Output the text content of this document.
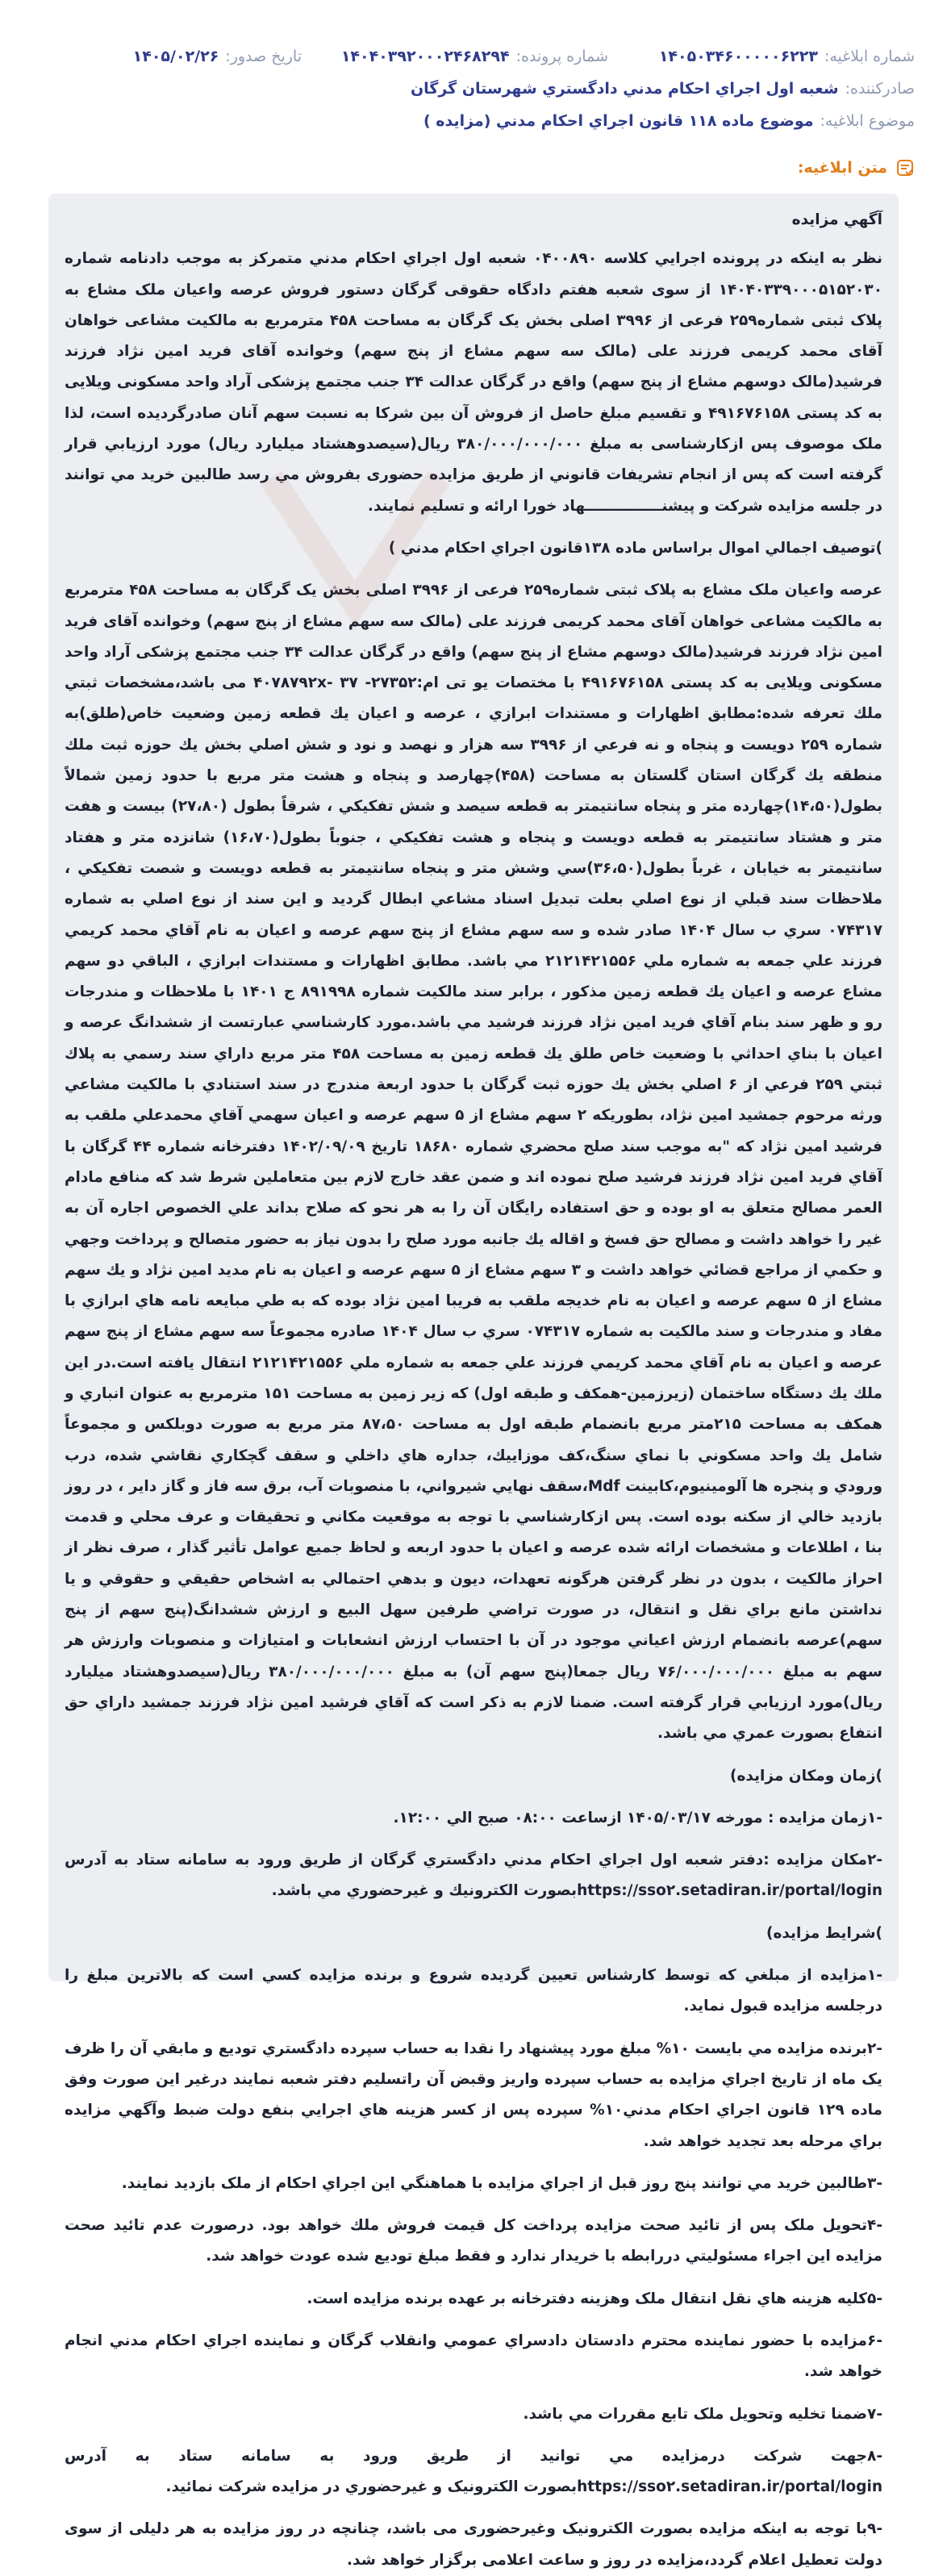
شماره ابلاغيه:
۱۴۰۵۰۳۴۶۰۰۰۰۰۶۲۲۳
شماره پرونده:
۱۴۰۴۰۳۹۲۰۰۰۲۴۶۸۲۹۴
تاريخ صدور:
۱۴۰۵/۰۲/۲۶
صادرکننده:
شعبه اول اجراي احكام مدني دادگستري شهرستان گرگان
موضوع ابلاغيه:
موضوع ماده ۱۱۸ قانون اجراي احكام مدني (مزايده )
متن ابلاغيه:

آگهي مزايده

نظر به اينكه در پرونده اجرايي كلاسه ۰۴۰۰۸۹۰ شعبه اول اجراي احكام مدني متمركز به موجب دادنامه شماره ۱۴۰۴۰۳۳۹۰۰۰۵۱۵۲۰۳۰ از سوی شعبه هفتم دادگاه حقوقی گرگان دستور فروش عرصه واعیان ملک مشاع به پلاک ثبتی شماره۲۵۹ فرعی از ۳۹۹۶ اصلی بخش یک گرگان به مساحت ۴۵۸ مترمربع به مالکیت مشاعی خواهان آقای محمد کریمی فرزند علی (مالک سه سهم مشاع از پنج سهم) وخوانده آقای فرید امین نژاد فرزند فرشید(مالک دوسهم مشاع از پنج سهم) واقع در گرگان عدالت ۳۴ جنب مجتمع پزشکی آراد واحد مسکونی ويلايی به کد پستی ۴۹۱۶۷۶۱۵۸ و تقسیم مبلغ حاصل از فروش آن بین شرکا به نسبت سهم آنان صادرگردیده است، لذا ملک موصوف پس ازکارشناسی به مبلغ ۳۸۰/۰۰۰/۰۰۰/۰۰۰ ريال(سیصدوهشتاد میلیارد ريال) مورد ارزيابي قرار گرفته است كه پس از انجام تشريفات قانوني از طريق مزايده حضوری بفروش مي رسد طالبين خريد مي توانند در جلسه مزايده شركت و پيشنـــــــــــــــهاد خورا ارائه و تسليم نمايند.

)توصيف اجمالي اموال براساس ماده ۱۳۸قانون اجراي احكام مدني )

عرصه واعیان ملک مشاع به پلاک ثبتی شماره۲۵۹ فرعی از ۳۹۹۶ اصلی بخش یک گرگان به مساحت ۴۵۸ مترمربع به مالکیت مشاعی خواهان آقای محمد کریمی فرزند علی (مالک سه سهم مشاع از پنج سهم) وخوانده آقای فرید امین نژاد فرزند فرشید(مالک دوسهم مشاع از پنج سهم) واقع در گرگان عدالت ۳۴ جنب مجتمع پزشکی آراد واحد مسکونی ويلايی به کد پستی ۴۹۱۶۷۶۱۵۸ با مختصات یو تی ام:۲۷۳۵۲- ۴۰۷۸۷۹۲x- ۳۷ می باشد،مشخصات ثبتي ملك تعرفه شده:مطابق اظهارات و مستندات ابرازي ، عرصه و اعيان يك قطعه زمين وضعيت خاص(طلق)به شماره ۲۵۹ دويست و پنجاه و نه فرعي از ۳۹۹۶ سه هزار و نهصد و نود و شش اصلي بخش يك حوزه ثبت ملك منطقه يك گرگان استان گلستان به مساحت (۴۵۸)چهارصد و پنجاه و هشت متر مربع با حدود زمين شمالاً بطول(۱۴،۵۰)چهارده متر و پنجاه سانتيمتر به قطعه سيصد و شش تفكيكي ، شرقاً بطول (۲۷،۸۰) بيست و هفت متر و هشتاد سانتيمتر به قطعه دويست و پنجاه و هشت تفكيكي ، جنوباً بطول(۱۶،۷۰) شانزده متر و هفتاد سانتيمتر به خيابان ، غرباً بطول(۳۶،۵۰)سي وشش متر و پنجاه سانتيمتر به قطعه دويست و شصت تفكيكي ، ملاحظات سند قبلي از نوع اصلي بعلت تبديل اسناد مشاعي ابطال گرديد و اين سند از نوع اصلي به شماره ۰۷۴۳۱۷ سري ب سال ۱۴۰۴ صادر شده و سه سهم مشاع از پنج سهم عرصه و اعيان به نام آقاي محمد كريمي فرزند علي جمعه به شماره ملي ۲۱۲۱۴۲۱۵۵۶ مي باشد. مطابق اظهارات و مستندات ابرازي ، الباقي دو سهم مشاع عرصه و اعيان يك قطعه زمين مذكور ، برابر سند مالكيت شماره ۸۹۱۹۹۸ ج ۱۴۰۱ با ملاحظات و مندرجات رو و ظهر سند بنام آقاي فريد امين نژاد فرزند فرشيد مي باشد.مورد كارشناسي عبارتست از ششدانگ عرصه و اعيان با بناي احداثي با وضعيت خاص طلق يك قطعه زمين به مساحت ۴۵۸ متر مربع داراي سند رسمي به پلاك ثبتي ۲۵۹ فرعي از ۶ اصلي بخش يك حوزه ثبت گرگان با حدود اربعة مندرج در سند استنادي با مالكيت مشاعي ورثه مرحوم جمشيد امين نژاد، بطوريكه ۲ سهم مشاع از ۵ سهم عرصه و اعيان سهمي آقاي محمدعلي ملقب به فرشيد امين نژاد كه "به موجب سند صلح محضري شماره ۱۸۶۸۰ تاريخ ۱۴۰۲/۰۹/۰۹ دفترخانه شماره ۴۴ گرگان با آقاي فريد امين نژاد فرزند فرشيد صلح نموده اند و ضمن عقد خارج لازم بين متعاملين شرط شد كه منافع مادام العمر مصالح متعلق به او بوده و حق استفاده رايگان آن را به هر نحو كه صلاح بداند علي الخصوص اجاره آن به غير را خواهد داشت و مصالح حق فسخ و اقاله يك جانبه مورد صلح را بدون نياز به حضور متصالح و پرداخت وجهي و حكمي از مراجع قضائي خواهد داشت و ۳ سهم مشاع از ۵ سهم عرصه و اعيان به نام مديد امين نژاد و يك سهم مشاع از ۵ سهم عرصه و اعيان به نام خديجه ملقب به فريبا امين نژاد بوده كه به طي مبايعه نامه هاي ابرازي با مفاد و مندرجات و سند مالكيت به شماره ۰۷۴۳۱۷ سري ب سال ۱۴۰۴ صادره مجموعاً سه سهم مشاع از پنج سهم عرصه و اعيان به نام آقاي محمد كريمي فرزند علي جمعه به شماره ملي ۲۱۲۱۴۲۱۵۵۶ انتقال يافته است.در اين ملك يك دستگاه ساختمان (زيرزمين-همكف و طبقه اول) كه زير زمين به مساحت ۱۵۱ مترمربع به عنوان انباري و همكف به مساحت ۲۱۵متر مربع بانضمام طبقه اول به مساحت ۸۷،۵۰ متر مربع به صورت دوبلكس و مجموعاً شامل يك واحد مسكوني با نماي سنگ،كف موزاييك، جداره هاي داخلي و سقف گچكاري نقاشي شده، درب ورودي و پنجره ها آلومينيوم،كابينت Mdf،سقف نهايي شيرواني، با منصوبات آب، برق سه فاز و گاز داير ، در روز بازديد خالي از سكنه بوده است. پس ازكارشناسي با توجه به موقعيت مكاني و تحقيقات و عرف محلي و قدمت بنا ، اطلاعات و مشخصات ارائه شده عرصه و اعيان با حدود اربعه و لحاظ جميع عوامل تأثير گذار ، صرف نظر از احراز مالكيت ، بدون در نظر گرفتن هرگونه تعهدات، ديون و بدهي احتمالي به اشخاص حقيقي و حقوقي و يا نداشتن مانع براي نقل و انتقال، در صورت تراضي طرفين سهل البيع و ارزش ششدانگ(پنج سهم از پنج سهم)عرصه بانضمام ارزش اعياني موجود در آن با احتساب ارزش انشعابات و امتيازات و منصوبات وارزش هر سهم به مبلغ ۷۶/۰۰۰/۰۰۰/۰۰۰ ريال جمعا(پنج سهم آن) به مبلغ ۳۸۰/۰۰۰/۰۰۰/۰۰۰ ريال(سيصدوهشتاد ميليارد ريال)مورد ارزيابي قرار گرفته است. ضمنا لازم به ذكر است كه آقاي فرشيد امين نژاد فرزند جمشيد داراي حق انتفاع بصورت عمري مي باشد.

)زمان ومكان مزايده)

-۱زمان مزايده : مورخه ۱۴۰۵/۰۳/۱۷ ازساعت ۰۸:۰۰ صبح الي ۱۲:۰۰.

-۲مكان مزايده :دفتر شعبه اول اجراي احكام مدني دادگستري گرگان از طريق ورود به سامانه ستاد به آدرس https://sso۲.setadiran.ir/portal/loginبصورت الكترونيك و غيرحضوري مي باشد.

)شرايط مزايده)

-۱مزايده از مبلغي كه توسط كارشناس تعيين گرديده شروع و برنده مزايده كسي است كه بالاترين مبلغ را درجلسه مزايده قبول نمايد.

-۲برنده مزايده مي بايست ۱۰% مبلغ مورد پيشنهاد را نقدا به حساب سپرده دادگستري توديع و مابقي آن را ظرف يک ماه از تاريخ اجراي مزايده به حساب سپرده واريز وقبض آن راتسليم دفتر شعبه نمايند درغير اين صورت وفق ماده ۱۲۹ قانون اجراي احكام مدني۱۰% سپرده پس از كسر هزينه هاي اجرايي بنفع دولت ضبط وآگهي مزايده براي مرحله بعد تجديد خواهد شد.

-۳طالبين خريد مي توانند پنج روز قبل از اجراي مزايده با هماهنگي اين اجراي احكام از ملک بازديد نمايند.

-۴تحويل ملک پس از تائيد صحت مزايده پرداخت كل قيمت فروش ملك خواهد بود. درصورت عدم تائيد صحت مزايده اين اجراء مسئوليتي دررابطه با خريدار ندارد و فقط مبلغ توديع شده عودت خواهد شد.

-۵كليه هزينه هاي نقل انتقال ملک وهزينه دفترخانه بر عهده برنده مزايده است.

-۶مزايده با حضور نماينده محترم دادستان دادسراي عمومي وانقلاب گرگان و نماينده اجراي احكام مدني انجام خواهد شد.

-۷ضمنا تخليه وتحويل ملک تابع مقررات مي باشد.

-۸جهت شرکت درمزايده مي توانيد از طريق ورود به سامانه ستاد به آدرس https://sso۲.setadiran.ir/portal/loginبصورت الكترونيک و غيرحضوري در مزايده شركت نمائيد.

-۹با توجه به اینكه مزایده بصورت الكترونیک وغیرحضوری می باشد، چنانچه در روز مزایده به هر دلیلی از سوی دولت تعطیل اعلام گردد،مزایده در روز و ساعت اعلامی برگزار خواهد شد.
